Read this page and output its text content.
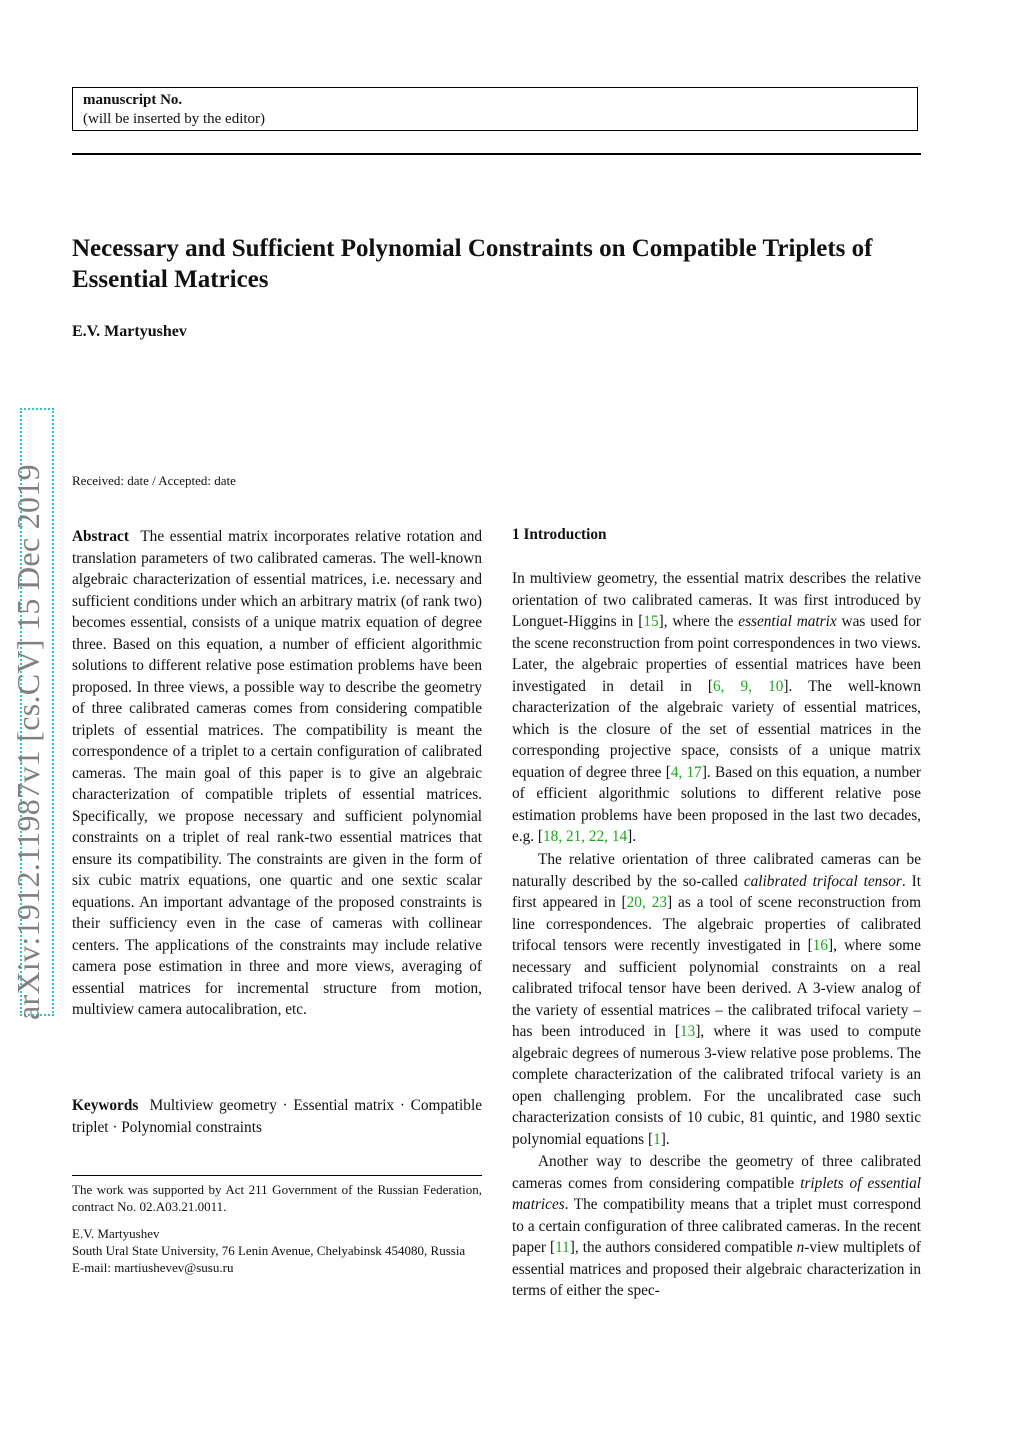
manuscript No.
(will be inserted by the editor)
Necessary and Sufficient Polynomial Constraints on Compatible Triplets of Essential Matrices
E.V. Martyushev
Received: date / Accepted: date
arXiv:1912.11987v1 [cs.CV] 15 Dec 2019 Abstract The essential matrix incorporates relative rotation and translation parameters of two calibrated cameras. The well-known algebraic characterization of essential matrices, i.e. necessary and sufficient conditions under which an arbitrary matrix (of rank two) becomes essential, consists of a unique matrix equation of degree three. Based on this equation, a number of efficient algorithmic solutions to different relative pose estimation problems have been proposed. In three views, a possible way to describe the geometry of three calibrated cameras comes from considering compatible triplets of essential matrices. The compatibility is meant the correspondence of a triplet to a certain configuration of calibrated cameras. The main goal of this paper is to give an algebraic characterization of compatible triplets of essential matrices. Specifically, we propose necessary and sufficient polynomial constraints on a triplet of real rank-two essential matrices that ensure its compatibility. The constraints are given in the form of six cubic matrix equations, one quartic and one sextic scalar equations. An important advantage of the proposed constraints is their sufficiency even in the case of cameras with collinear centers. The applications of the constraints may include relative camera pose estimation in three and more views, averaging of essential matrices for incremental structure from motion, multiview camera autocalibration, etc.

Keywords Multiview geometry · Essential matrix · Compatible triplet · Polynomial constraints

The work was supported by Act 211 Government of the Russian Federation, contract No. 02.A03.21.0011.
E.V. Martyushev
South Ural State University, 76 Lenin Avenue, Chelyabinsk 454080, Russia
E-mail: martiushevev@susu.ru
1 Introduction

In multiview geometry, the essential matrix describes the relative orientation of two calibrated cameras. It was first introduced by Longuet-Higgins in [15], where the essential matrix was used for the scene reconstruction from point correspondences in two views. Later, the algebraic properties of essential matrices have been investigated in detail in [6, 9, 10]. The well-known characterization of the algebraic variety of essential matrices, which is the closure of the set of essential matrices in the corresponding projective space, consists of a unique matrix equation of degree three [4, 17]. Based on this equation, a number of efficient algorithmic solutions to different relative pose estimation problems have been proposed in the last two decades, e.g. [18, 21, 22, 14].

The relative orientation of three calibrated cameras can be naturally described by the so-called calibrated trifocal tensor. It first appeared in [20, 23] as a tool of scene reconstruction from line correspondences. The algebraic properties of calibrated trifocal tensors were recently investigated in [16], where some necessary and sufficient polynomial constraints on a real calibrated trifocal tensor have been derived. A 3-view analog of the variety of essential matrices – the calibrated trifocal variety – has been introduced in [13], where it was used to compute algebraic degrees of numerous 3-view relative pose problems. The complete characterization of the calibrated trifocal variety is an open challenging problem. For the uncalibrated case such characterization consists of 10 cubic, 81 quintic, and 1980 sextic polynomial equations [1].

Another way to describe the geometry of three calibrated cameras comes from considering compatible triplets of essential matrices. The compatibility means that a triplet must correspond to a certain configuration of three calibrated cameras. In the recent paper [11], the authors considered compatible n-view multiplets of essential matrices and proposed their algebraic characterization in terms of either the spec-
